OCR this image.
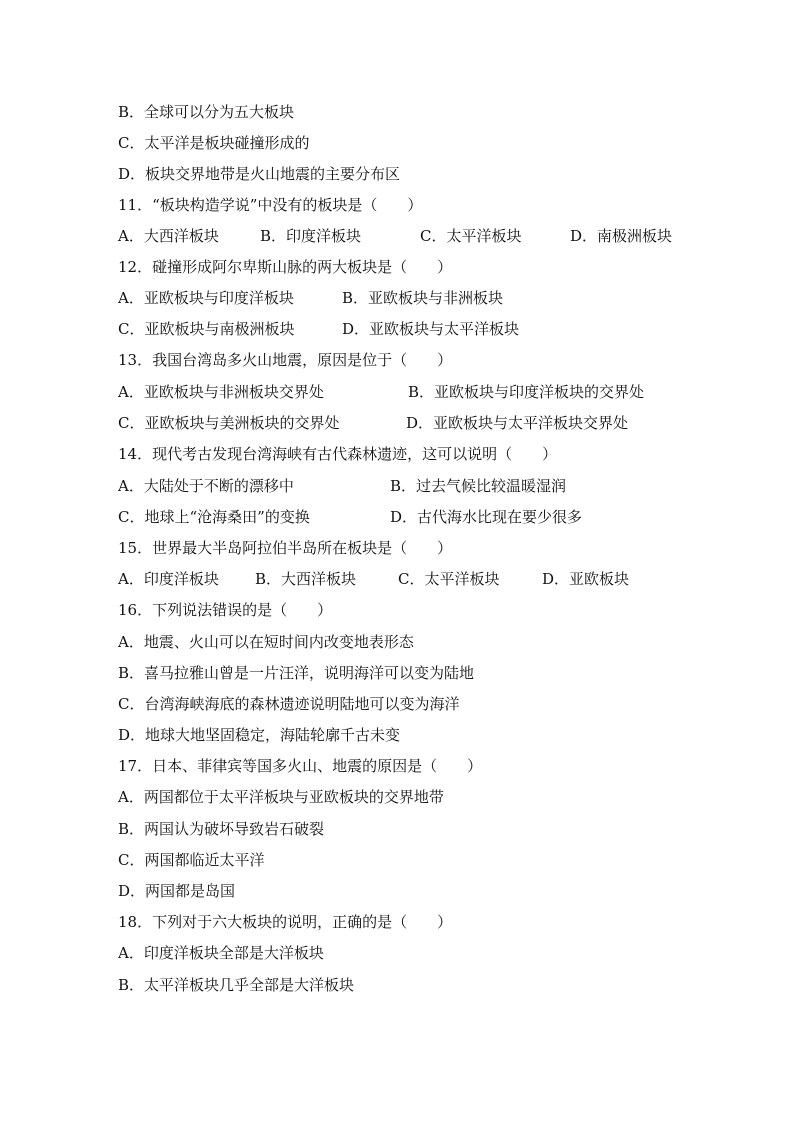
B．全球可以分为五大板块
C．太平洋是板块碰撞形成的
D．板块交界地带是火山地震的主要分布区
11．“板块构造学说”中没有的板块是（　　）

A．大西洋板块

	B．印度洋板块

	C．太平洋板块

	D．南极洲板块

12．碰撞形成阿尔卑斯山脉的两大板块是（　　）

A．亚欧板块与印度洋板块

	B．亚欧板块与非洲板块

C．亚欧板块与南极洲板块

	D．亚欧板块与太平洋板块

13．我国台湾岛多火山地震，原因是位于（　　）

A．亚欧板块与非洲板块交界处

	B．亚欧板块与印度洋板块的交界处

C．亚欧板块与美洲板块的交界处

	D．亚欧板块与太平洋板块交界处

14．现代考古发现台湾海峡有古代森林遗迹，这可以说明（　　）

A．大陆处于不断的漂移中

	B．过去气候比较温暖湿润

C．地球上“沧海桑田”的变换

	D．古代海水比现在要少很多

15．世界最大半岛阿拉伯半岛所在板块是（　　）

A．印度洋板块

B．大西洋板块

	C．太平洋板块

	D．亚欧板块

16．下列说法错误的是（　　）
A．地震、火山可以在短时间内改变地表形态
B．喜马拉雅山曾是一片汪洋，说明海洋可以变为陆地
C．台湾海峡海底的森林遗迹说明陆地可以变为海洋
D．地球大地坚固稳定，海陆轮廓千古未变
17．日本、菲律宾等国多火山、地震的原因是（　　）
A．两国都位于太平洋板块与亚欧板块的交界地带
B．两国认为破坏导致岩石破裂
C．两国都临近太平洋
D．两国都是岛国
18．下列对于六大板块的说明，正确的是（　　）
A．印度洋板块全部是大洋板块
B．太平洋板块几乎全部是大洋板块
